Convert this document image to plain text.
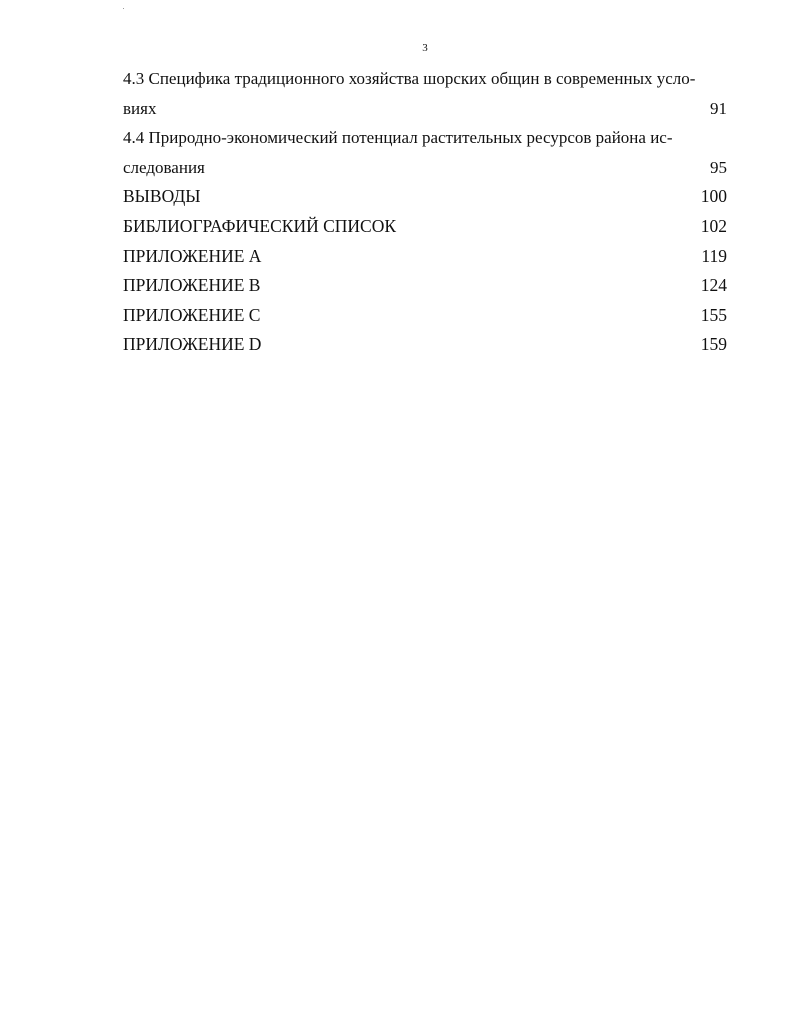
3
4.3 Специфика традиционного хозяйства шорских общин в современных усло-
виях	91
4.4 Природно-экономический потенциал растительных ресурсов района ис-
следования	95
ВЫВОДЫ	100
БИБЛИОГРАФИЧЕСКИЙ СПИСОК	102
ПРИЛОЖЕНИЕ А	119
ПРИЛОЖЕНИЕ В	124
ПРИЛОЖЕНИЕ С	155
ПРИЛОЖЕНИЕ D	159
